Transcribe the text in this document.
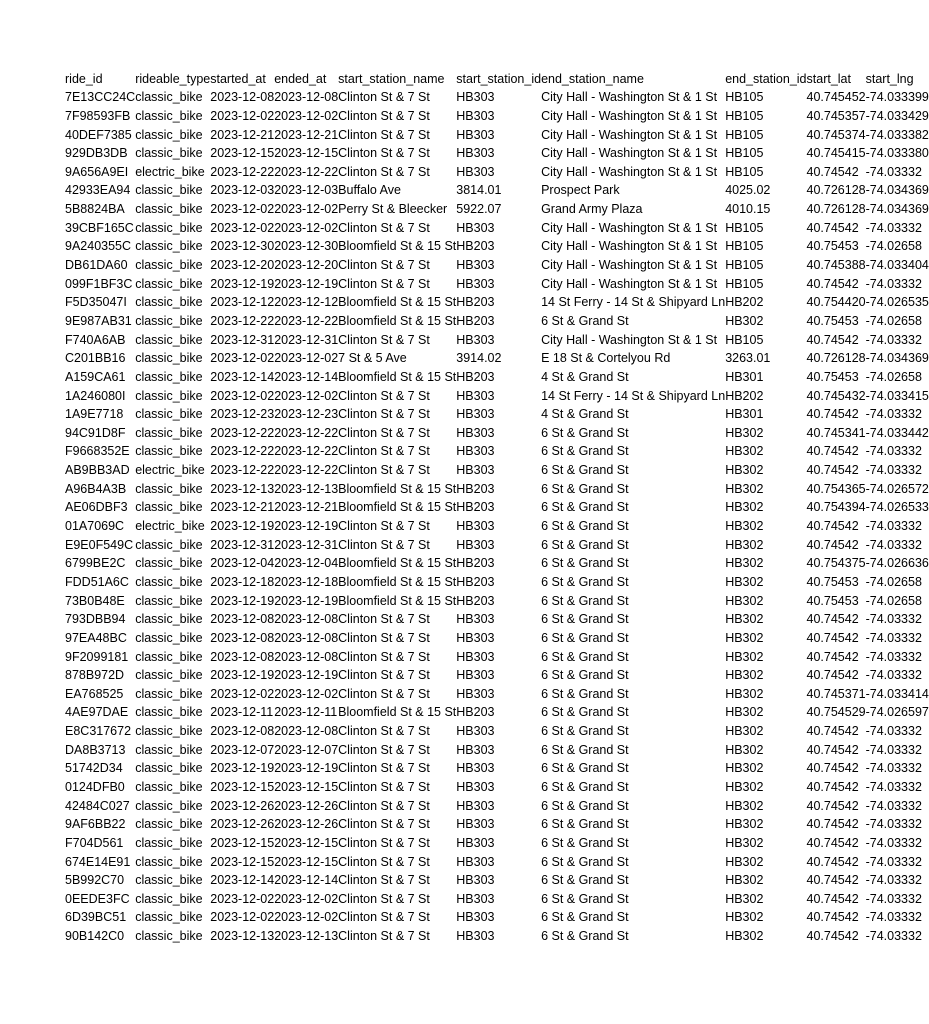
ride_id	rideable_type	started_at	ended_at	start_station_name	start_station_id	end_station_name	end_station_id	start_lat	start_lng
7E13CC24C	classic_bike	2023-12-08	2023-12-08	Clinton St & 7 St	HB303	City Hall - Washington St & 1 St	HB105	40.745452	-74.033399
7F98593FB	classic_bike	2023-12-02	2023-12-02	Clinton St & 7 St	HB303	City Hall - Washington St & 1 St	HB105	40.745357	-74.033429
40DEF7385	classic_bike	2023-12-21	2023-12-21	Clinton St & 7 St	HB303	City Hall - Washington St & 1 St	HB105	40.745374	-74.033382
929DB3DB	classic_bike	2023-12-15	2023-12-15	Clinton St & 7 St	HB303	City Hall - Washington St & 1 St	HB105	40.745415	-74.033380
9A656A9EI	electric_bike	2023-12-22	2023-12-22	Clinton St & 7 St	HB303	City Hall - Washington St & 1 St	HB105	40.74542	-74.03332
42933EA94	classic_bike	2023-12-03	2023-12-03	Buffalo Ave	3814.01	Prospect Park	4025.02	40.726128	-74.034369
5B8824BA	classic_bike	2023-12-02	2023-12-02	Perry St & Bleecker	5922.07	Grand Army Plaza	4010.15	40.726128	-74.034369
39CBF165C	classic_bike	2023-12-02	2023-12-02	Clinton St & 7 St	HB303	City Hall - Washington St & 1 St	HB105	40.74542	-74.03332
9A240355C	classic_bike	2023-12-30	2023-12-30	Bloomfield St & 15 St	HB203	City Hall - Washington St & 1 St	HB105	40.75453	-74.02658
DB61DA60	classic_bike	2023-12-20	2023-12-20	Clinton St & 7 St	HB303	City Hall - Washington St & 1 St	HB105	40.745388	-74.033404
099F1BF3C	classic_bike	2023-12-19	2023-12-19	Clinton St & 7 St	HB303	City Hall - Washington St & 1 St	HB105	40.74542	-74.03332
F5D35047I	classic_bike	2023-12-12	2023-12-12	Bloomfield St & 15 St	HB203	14 St Ferry - 14 St & Shipyard Ln	HB202	40.754420	-74.026535
9E987AB31	classic_bike	2023-12-22	2023-12-22	Bloomfield St & 15 St	HB203	6 St & Grand St	HB302	40.75453	-74.02658
F740A6AB	classic_bike	2023-12-31	2023-12-31	Clinton St & 7 St	HB303	City Hall - Washington St & 1 St	HB105	40.74542	-74.03332
C201BB16	classic_bike	2023-12-02	2023-12-02	7 St & 5 Ave	3914.02	E 18 St & Cortelyou Rd	3263.01	40.726128	-74.034369
A159CA61	classic_bike	2023-12-14	2023-12-14	Bloomfield St & 15 St	HB203	4 St & Grand St	HB301	40.75453	-74.02658
1A246080I	classic_bike	2023-12-02	2023-12-02	Clinton St & 7 St	HB303	14 St Ferry - 14 St & Shipyard Ln	HB202	40.745432	-74.033415
1A9E7718	classic_bike	2023-12-23	2023-12-23	Clinton St & 7 St	HB303	4 St & Grand St	HB301	40.74542	-74.03332
94C91D8F	classic_bike	2023-12-22	2023-12-22	Clinton St & 7 St	HB303	6 St & Grand St	HB302	40.745341	-74.033442
F9668352E	classic_bike	2023-12-22	2023-12-22	Clinton St & 7 St	HB303	6 St & Grand St	HB302	40.74542	-74.03332
AB9BB3AD	electric_bike	2023-12-22	2023-12-22	Clinton St & 7 St	HB303	6 St & Grand St	HB302	40.74542	-74.03332
A96B4A3B	classic_bike	2023-12-13	2023-12-13	Bloomfield St & 15 St	HB203	6 St & Grand St	HB302	40.754365	-74.026572
AE06DBF3	classic_bike	2023-12-21	2023-12-21	Bloomfield St & 15 St	HB203	6 St & Grand St	HB302	40.754394	-74.026533
01A7069C	electric_bike	2023-12-19	2023-12-19	Clinton St & 7 St	HB303	6 St & Grand St	HB302	40.74542	-74.03332
E9E0F549C	classic_bike	2023-12-31	2023-12-31	Clinton St & 7 St	HB303	6 St & Grand St	HB302	40.74542	-74.03332
6799BE2C	classic_bike	2023-12-04	2023-12-04	Bloomfield St & 15 St	HB203	6 St & Grand St	HB302	40.754375	-74.026636
FDD51A6C	classic_bike	2023-12-18	2023-12-18	Bloomfield St & 15 St	HB203	6 St & Grand St	HB302	40.75453	-74.02658
73B0B48E	classic_bike	2023-12-19	2023-12-19	Bloomfield St & 15 St	HB203	6 St & Grand St	HB302	40.75453	-74.02658
793DBB94	classic_bike	2023-12-08	2023-12-08	Clinton St & 7 St	HB303	6 St & Grand St	HB302	40.74542	-74.03332
97EA48BC	classic_bike	2023-12-08	2023-12-08	Clinton St & 7 St	HB303	6 St & Grand St	HB302	40.74542	-74.03332
9F2099181	classic_bike	2023-12-08	2023-12-08	Clinton St & 7 St	HB303	6 St & Grand St	HB302	40.74542	-74.03332
878B972D	classic_bike	2023-12-19	2023-12-19	Clinton St & 7 St	HB303	6 St & Grand St	HB302	40.74542	-74.03332
EA768525	classic_bike	2023-12-02	2023-12-02	Clinton St & 7 St	HB303	6 St & Grand St	HB302	40.745371	-74.033414
4AE97DAE	classic_bike	2023-12-11	2023-12-11	Bloomfield St & 15 St	HB203	6 St & Grand St	HB302	40.754529	-74.026597
E8C317672	classic_bike	2023-12-08	2023-12-08	Clinton St & 7 St	HB303	6 St & Grand St	HB302	40.74542	-74.03332
DA8B3713	classic_bike	2023-12-07	2023-12-07	Clinton St & 7 St	HB303	6 St & Grand St	HB302	40.74542	-74.03332
51742D34	classic_bike	2023-12-19	2023-12-19	Clinton St & 7 St	HB303	6 St & Grand St	HB302	40.74542	-74.03332
0124DFB0	classic_bike	2023-12-15	2023-12-15	Clinton St & 7 St	HB303	6 St & Grand St	HB302	40.74542	-74.03332
42484C027	classic_bike	2023-12-26	2023-12-26	Clinton St & 7 St	HB303	6 St & Grand St	HB302	40.74542	-74.03332
9AF6BB22	classic_bike	2023-12-26	2023-12-26	Clinton St & 7 St	HB303	6 St & Grand St	HB302	40.74542	-74.03332
F704D561	classic_bike	2023-12-15	2023-12-15	Clinton St & 7 St	HB303	6 St & Grand St	HB302	40.74542	-74.03332
674E14E91	classic_bike	2023-12-15	2023-12-15	Clinton St & 7 St	HB303	6 St & Grand St	HB302	40.74542	-74.03332
5B992C70	classic_bike	2023-12-14	2023-12-14	Clinton St & 7 St	HB303	6 St & Grand St	HB302	40.74542	-74.03332
0EEDE3FC	classic_bike	2023-12-02	2023-12-02	Clinton St & 7 St	HB303	6 St & Grand St	HB302	40.74542	-74.03332
6D39BC51	classic_bike	2023-12-02	2023-12-02	Clinton St & 7 St	HB303	6 St & Grand St	HB302	40.74542	-74.03332
90B142C0	classic_bike	2023-12-13	2023-12-13	Clinton St & 7 St	HB303	6 St & Grand St	HB302	40.74542	-74.03332
